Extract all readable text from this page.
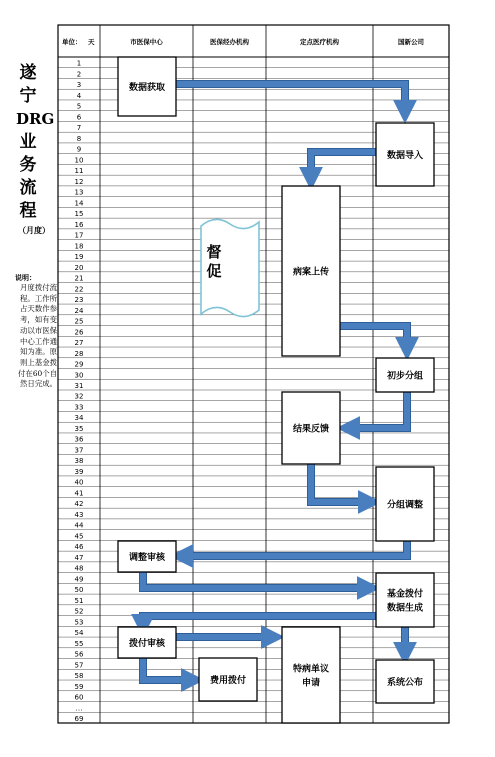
遂
宁
DRG
业
务
流
程
（月度）
说明：
月度拨付流程。工作所占天数作参考，如有变动以市医保中心工作通知为准。原则上基金拨付在60个自然日完成。
1
2
3
4
5
6
7
8
9
10
11
12
13
14
15
16
17
18
19
20
21
22
23
24
25
26
27
28
29
30
31
32
33
34
35
36
37
38
39
40
41
42
43
44
45
46
47
48
49
50
51
52
53
54
55
56
57
58
59
60
…
69
单位： 天	市医保中心	医保经办机构	定点医疗机构	国新公司
数据获取
数据导入
病案上传
初步分组
结果反馈
分组调整
调整审核
基金拨付
数据生成
拨付审核
特病单议
申请
费用拨付	系统公布
督
促
